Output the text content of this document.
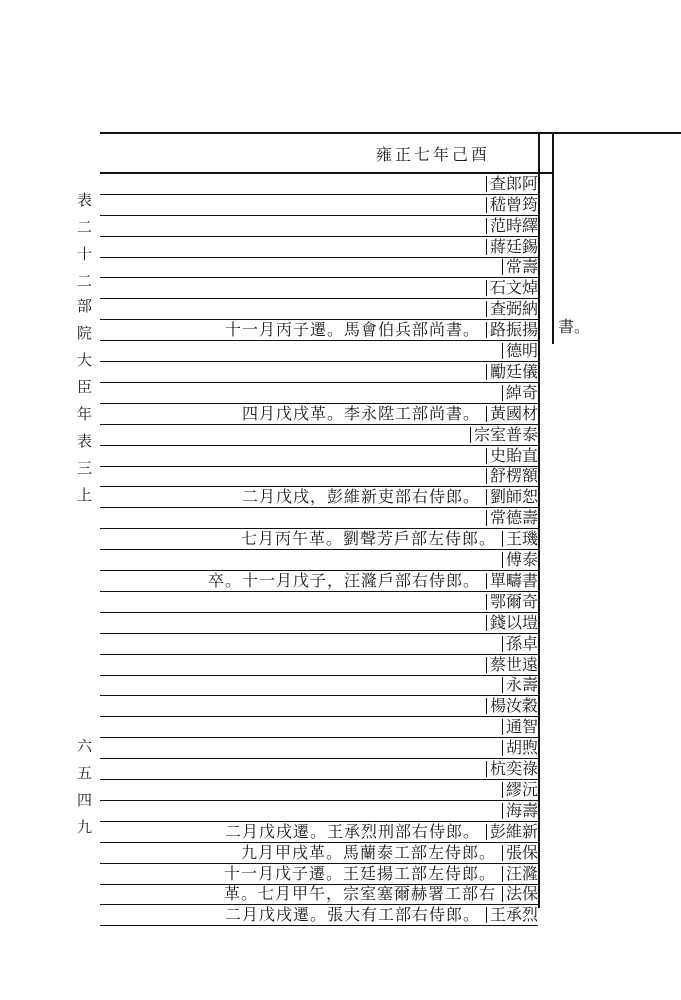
表二十二
部院大臣年表三上
六五四九
雍正七年己酉
書。
查郎阿
嵇曾筠
范時繹
蔣廷錫
常壽
石文焯
查弼納
路振揚
十一月丙子遷。馬會伯兵部尚書。
德明
勵廷儀
綽奇
黃國材
四月戊戌革。李永陞工部尚書。
宗室普泰
史貽直
舒楞額
劉師恕
二月戊戌，彭維新吏部右侍郎。
常德壽
王璣
七月丙午革。劉聲芳戶部左侍郎。
傅泰
單疇書
卒。十一月戊子，汪漋戶部右侍郎。
鄂爾奇
錢以塏
孫卓
蔡世遠
永壽
楊汝穀
通智
胡煦
杭奕祿
繆沅
海壽
彭維新
二月戊戌遷。王承烈刑部右侍郎。
張保
九月甲戌革。馬蘭泰工部左侍郎。
汪漋
十一月戊子遷。王廷揚工部左侍郎。
法保
革。七月甲午，宗室塞爾赫署工部右
王承烈
二月戊戌遷。張大有工部右侍郎。
